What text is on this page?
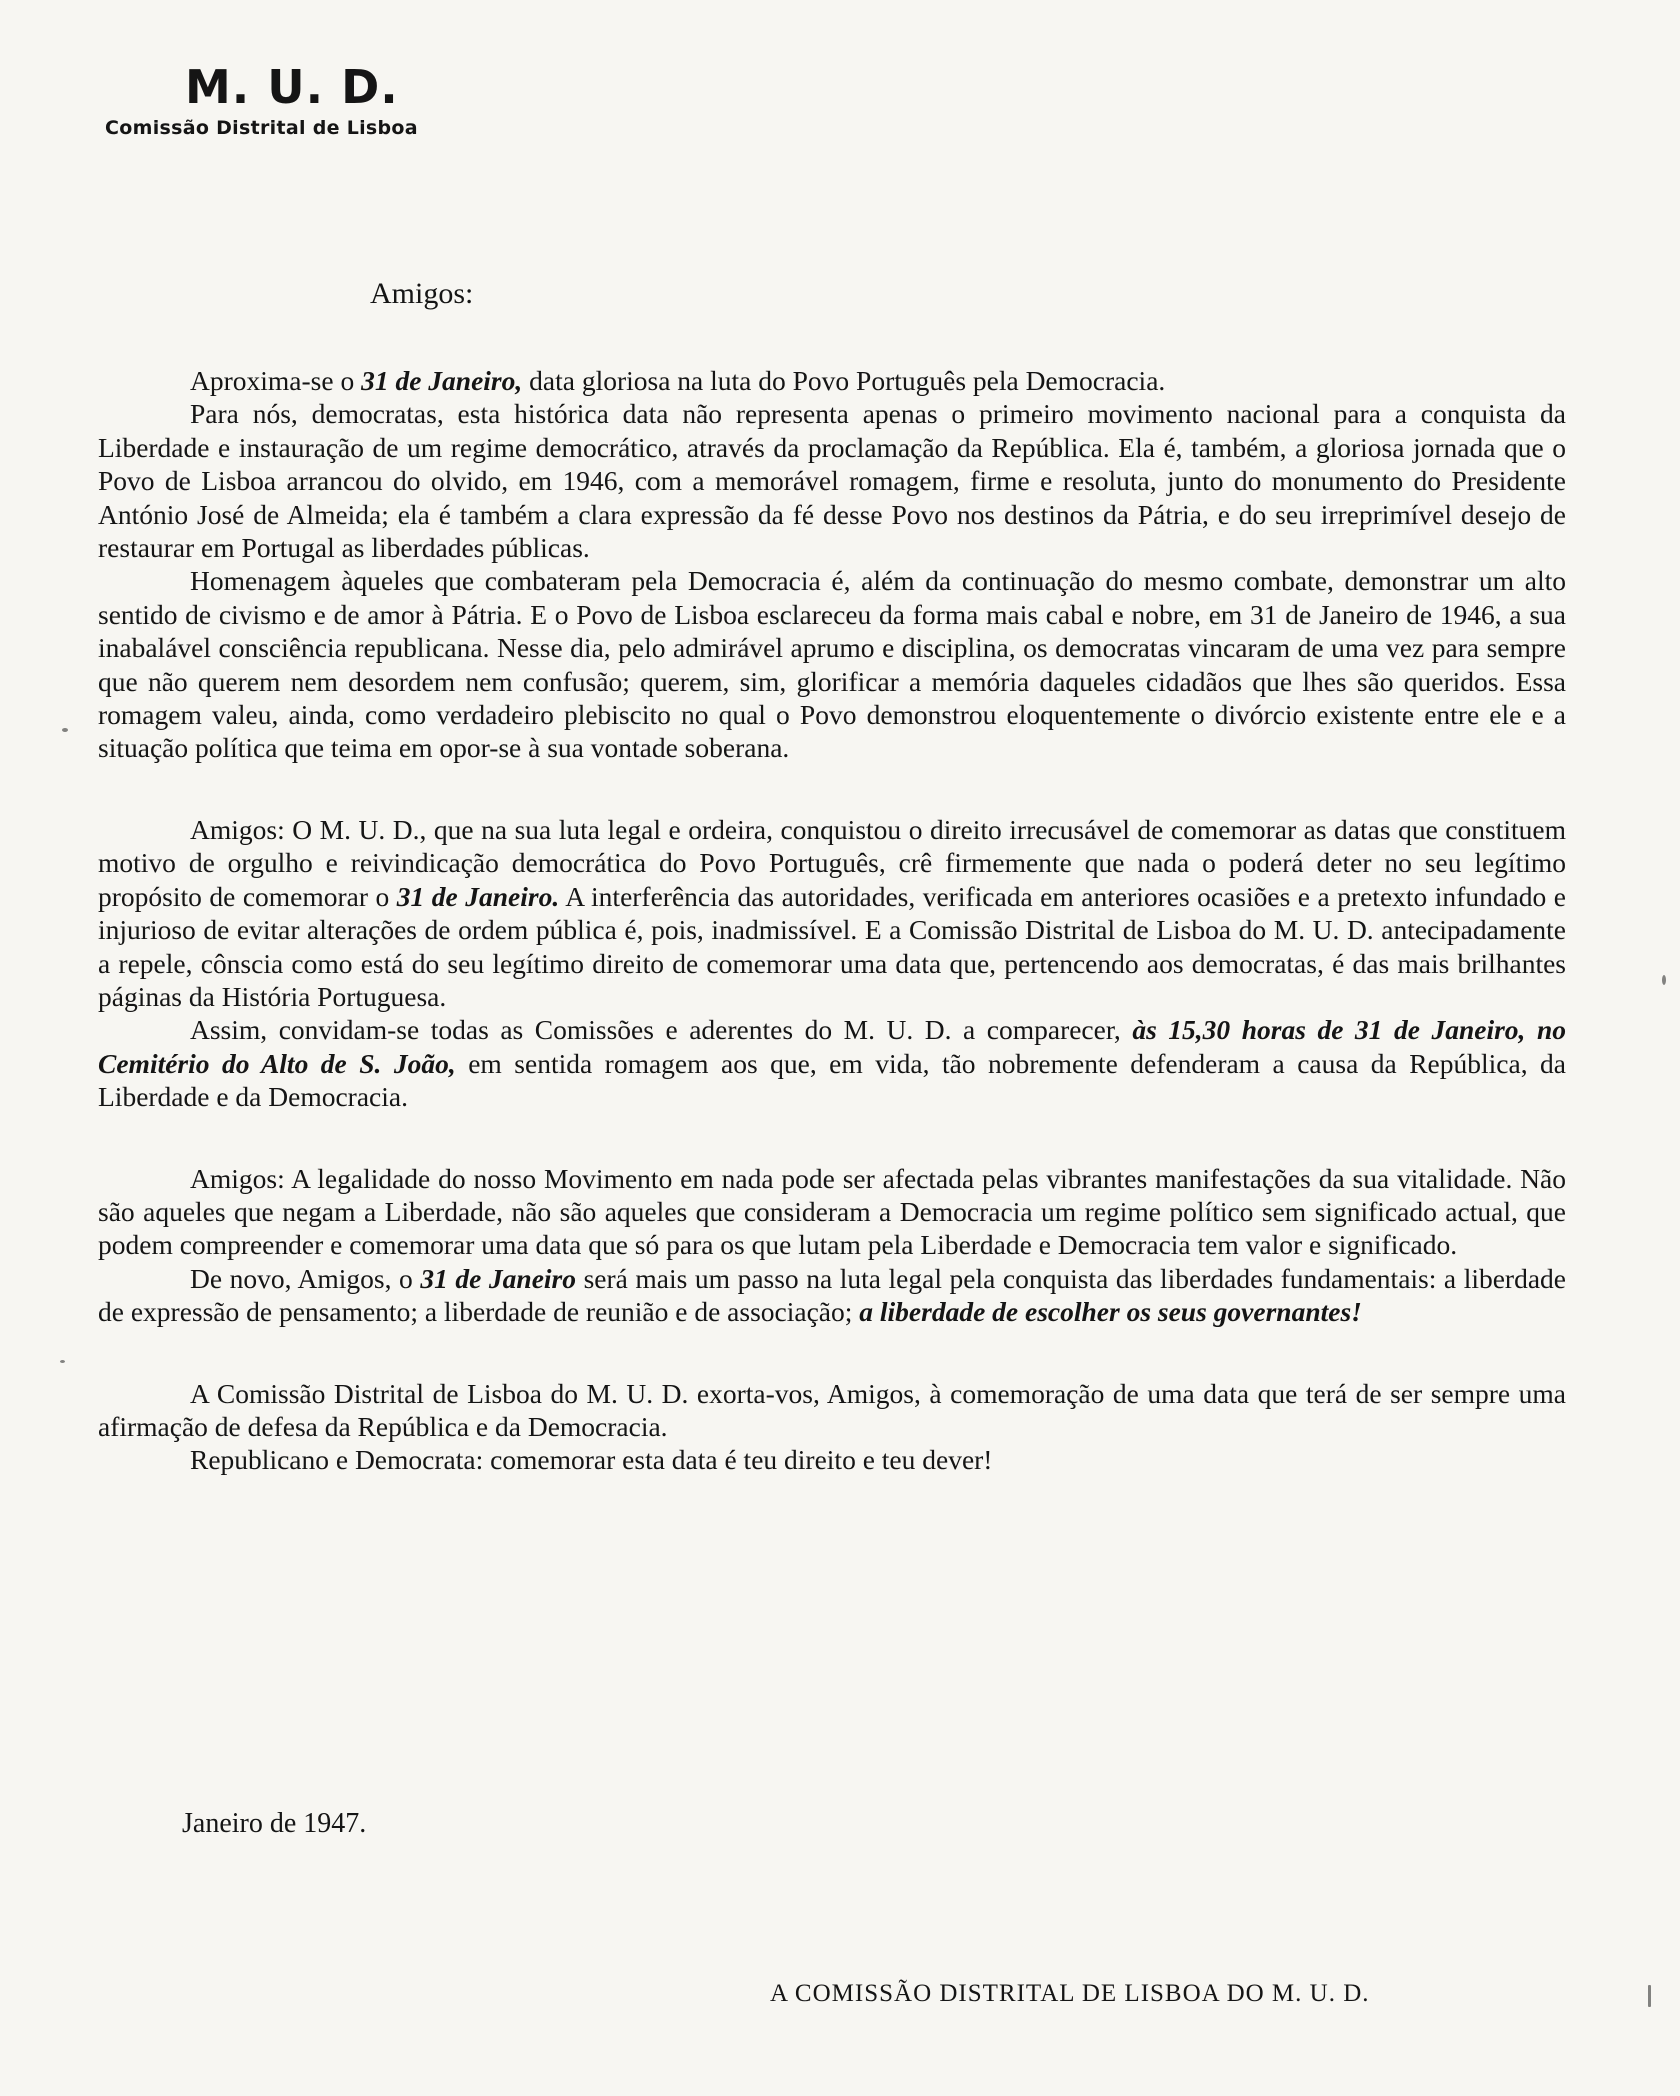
M. U. D.
Comissão Distrital de Lisboa
Amigos:

Aproxima-se o 31 de Janeiro, data gloriosa na luta do Povo Português pela Democracia.

Para nós, democratas, esta histórica data não representa apenas o primeiro movimento nacional para a conquista da Liberdade e instauração de um regime democrático, através da proclamação da República. Ela é, também, a gloriosa jornada que o Povo de Lisboa arrancou do olvido, em 1946, com a memorável romagem, firme e resoluta, junto do monumento do Presidente António José de Almeida; ela é também a clara expressão da fé desse Povo nos destinos da Pátria, e do seu irreprimível desejo de restaurar em Portugal as liberdades públicas.

Homenagem àqueles que combateram pela Democracia é, além da continuação do mesmo combate, demonstrar um alto sentido de civismo e de amor à Pátria. E o Povo de Lisboa esclareceu da forma mais cabal e nobre, em 31 de Janeiro de 1946, a sua inabalável consciência republicana. Nesse dia, pelo admirável aprumo e disciplina, os democratas vincaram de uma vez para sempre que não querem nem desordem nem confusão; querem, sim, glorificar a memória daqueles cidadãos que lhes são queridos. Essa romagem valeu, ainda, como verdadeiro plebiscito no qual o Povo demonstrou eloquentemente o divórcio existente entre ele e a situação política que teima em opor-se à sua vontade soberana.

Amigos: O M. U. D., que na sua luta legal e ordeira, conquistou o direito irrecusável de comemorar as datas que constituem motivo de orgulho e reivindicação democrática do Povo Português, crê firmemente que nada o poderá deter no seu legítimo propósito de comemorar o 31 de Janeiro. A interferência das autoridades, verificada em anteriores ocasiões e a pretexto infundado e injurioso de evitar alterações de ordem pública é, pois, inadmissível. E a Comissão Distrital de Lisboa do M. U. D. antecipadamente a repele, cônscia como está do seu legítimo direito de comemorar uma data que, pertencendo aos democratas, é das mais brilhantes páginas da História Portuguesa.

Assim, convidam-se todas as Comissões e aderentes do M. U. D. a comparecer, às 15,30 horas de 31 de Janeiro, no Cemitério do Alto de S. João, em sentida romagem aos que, em vida, tão nobremente defenderam a causa da República, da Liberdade e da Democracia.

Amigos: A legalidade do nosso Movimento em nada pode ser afectada pelas vibrantes manifestações da sua vitalidade. Não são aqueles que negam a Liberdade, não são aqueles que consideram a Democracia um regime político sem significado actual, que podem compreender e comemorar uma data que só para os que lutam pela Liberdade e Democracia tem valor e significado.

De novo, Amigos, o 31 de Janeiro será mais um passo na luta legal pela conquista das liberdades fundamentais: a liberdade de expressão de pensamento; a liberdade de reunião e de associação; a liberdade de escolher os seus governantes!

A Comissão Distrital de Lisboa do M. U. D. exorta-vos, Amigos, à comemoração de uma data que terá de ser sempre uma afirmação de defesa da República e da Democracia.

Republicano e Democrata: comemorar esta data é teu direito e teu dever!

Janeiro de 1947.
A COMISSÃO DISTRITAL DE LISBOA DO M. U. D.
